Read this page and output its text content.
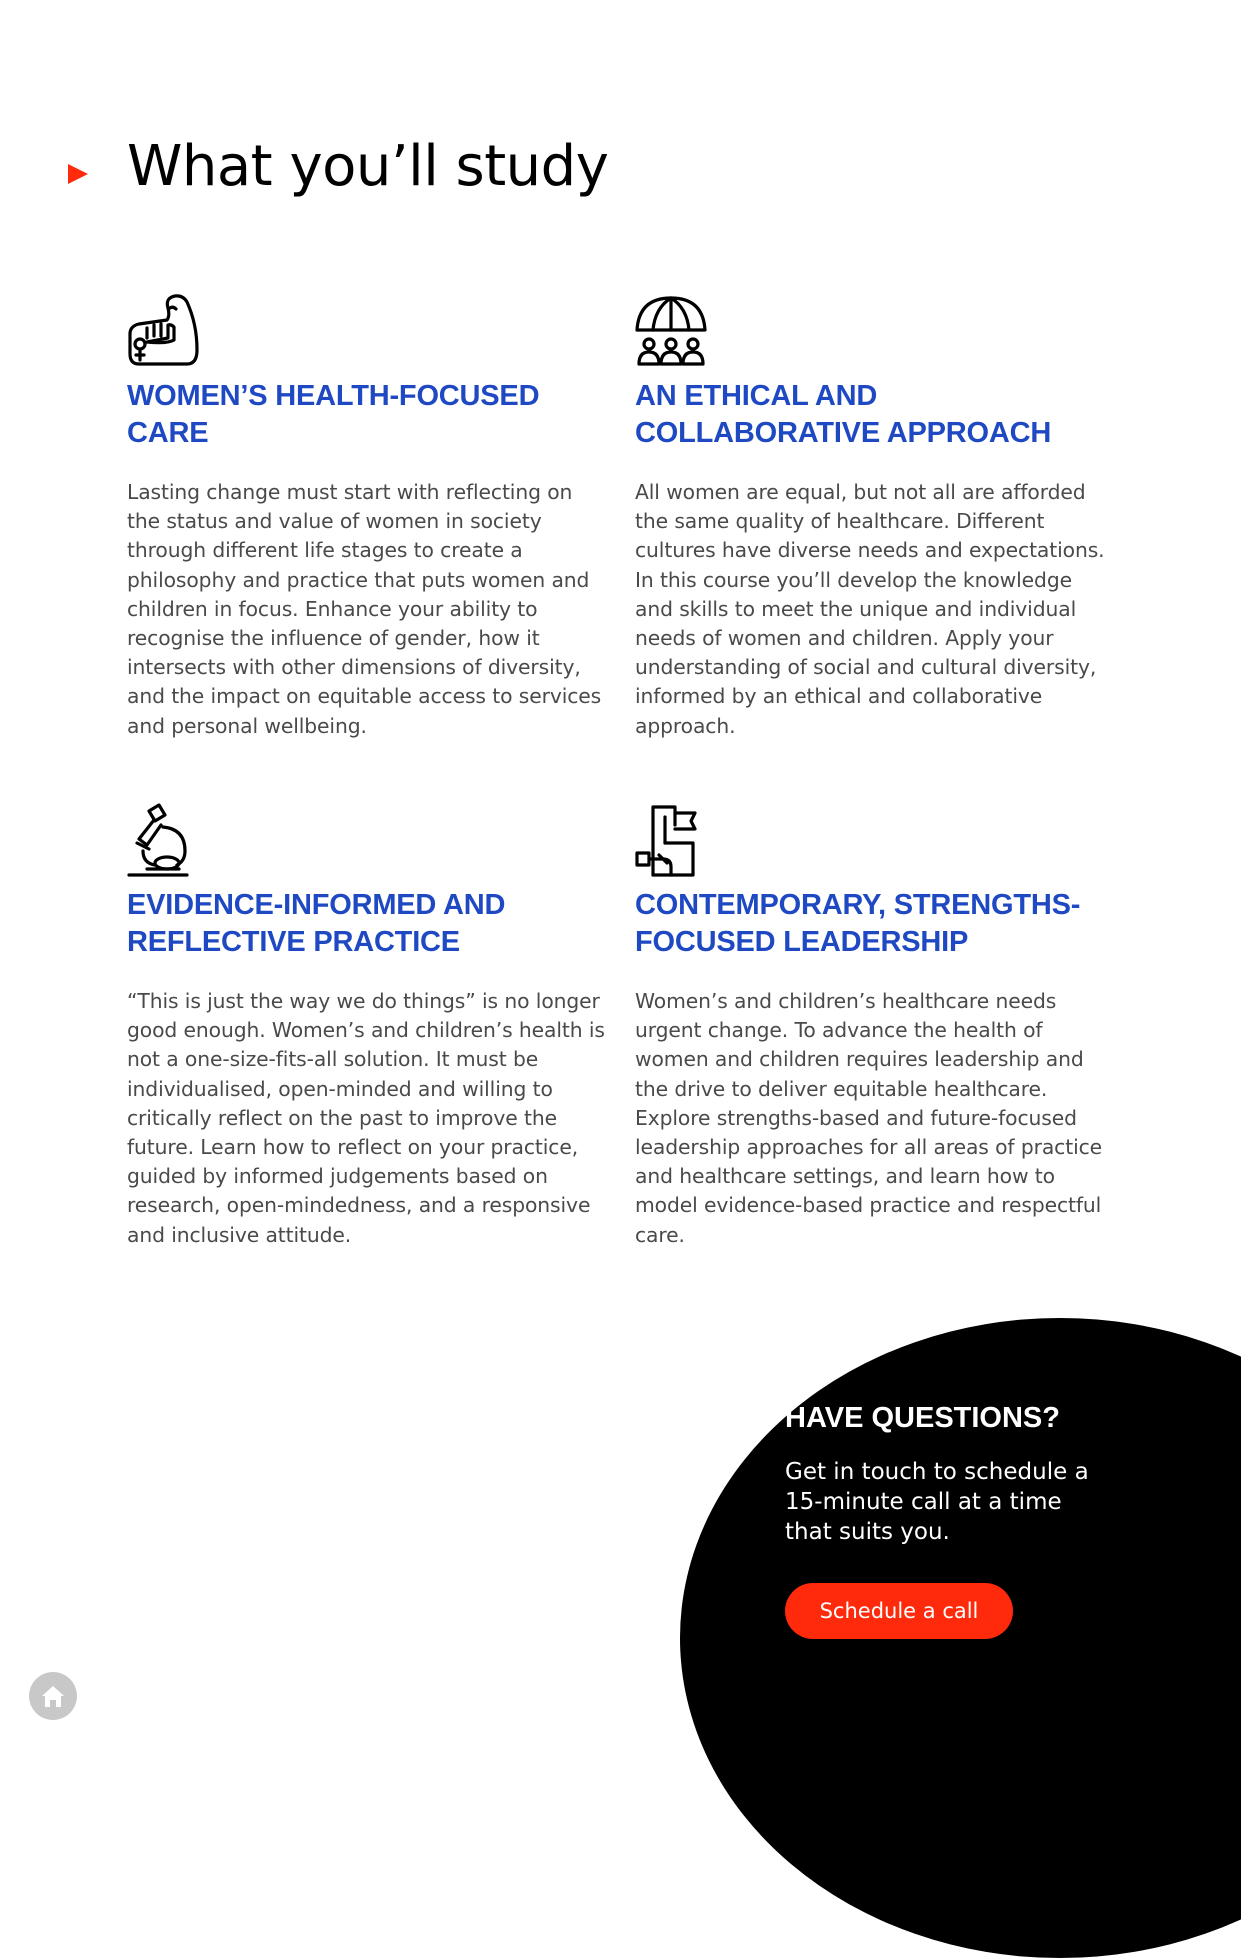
What you’ll study
WOMEN’S HEALTH-FOCUSED CARE

Lasting change must start with reflecting on the status and value of women in society through different life stages to create a philosophy and practice that puts women and children in focus. Enhance your ability to recognise the influence of gender, how it intersects with other dimensions of diversity, and the impact on equitable access to services and personal wellbeing.

AN ETHICAL AND COLLABORATIVE APPROACH

All women are equal, but not all are afforded the same quality of healthcare. Different cultures have diverse needs and expectations. In this course you’ll develop the knowledge and skills to meet the unique and individual needs of women and children. Apply your understanding of social and cultural diversity, informed by an ethical and collaborative approach.

EVIDENCE-INFORMED AND REFLECTIVE PRACTICE

“This is just the way we do things” is no longer good enough. Women’s and children’s health is not a one-size-fits-all solution. It must be individualised, open-minded and willing to critically reflect on the past to improve the future. Learn how to reflect on your practice, guided by informed judgements based on research, open-mindedness, and a responsive and inclusive attitude.

CONTEMPORARY, STRENGTHS-FOCUSED LEADERSHIP

Women’s and children’s healthcare needs urgent change. To advance the health of women and children requires leadership and the drive to deliver equitable healthcare. Explore strengths-based and future-focused leadership approaches for all areas of practice and healthcare settings, and learn how to model evidence-based practice and respectful care.

HAVE QUESTIONS?

Get in touch to schedule a 15-minute call at a time that suits you.

Schedule a call
